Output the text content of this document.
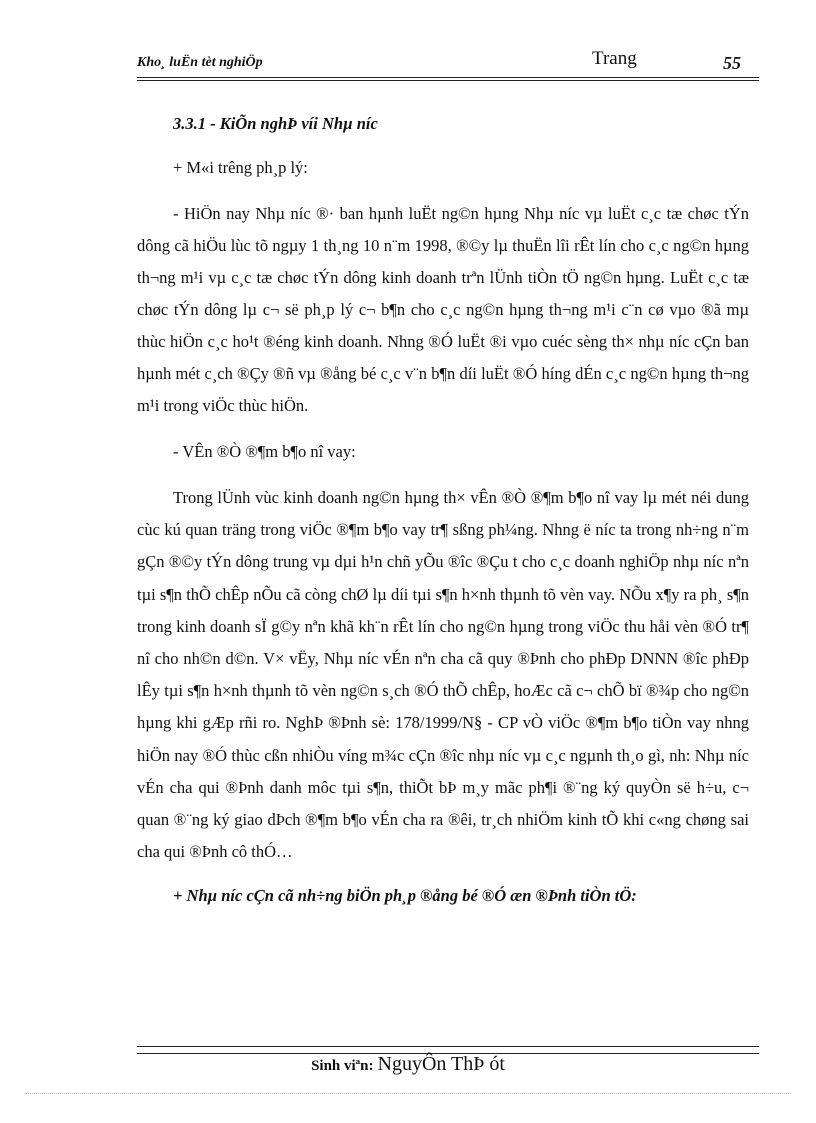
Kho¸ luËn tèt nghiÖp	Trang	55

3.3.1 - KiÕn nghÞ víi Nhµ níc

+ M«i trêng ph¸p lý:

- HiÖn nay Nhµ níc ®· ban hµnh luËt ng©n hµng Nhµ níc vµ luËt c¸c tæ chøc tÝn dông cã hiÖu lùc tõ ngµy 1 th¸ng 10 n¨m 1998, ®©y lµ thuËn lîi rÊt lín cho c¸c ng©n hµng th¬ng m¹i vµ c¸c tæ chøc tÝn dông kinh doanh trªn lÜnh tiÒn tÖ ng©n hµng. LuËt c¸c tæ chøc tÝn dông lµ c¬ së ph¸p lý c¬ b¶n cho c¸c ng©n hµng th¬ng m¹i c¨n cø vµo ®ã mµ thùc hiÖn c¸c ho¹t ®éng kinh doanh. Nhng ®Ó luËt ®i vµo cuéc sèng th× nhµ níc cÇn ban hµnh mét c¸ch ®Çy ®ñ vµ ®ång bé c¸c v¨n b¶n díi luËt ®Ó híng dÉn c¸c ng©n hµng th¬ng m¹i trong viÖc thùc hiÖn.

- VÊn ®Ò ®¶m b¶o nî vay:

Trong lÜnh vùc kinh doanh ng©n hµng th× vÊn ®Ò ®¶m b¶o nî vay lµ mét néi dung cùc kú quan träng trong viÖc ®¶m b¶o vay tr¶ sßng ph¼ng. Nhng ë níc ta trong nh÷ng n¨m gÇn ®©y tÝn dông trung vµ dµi h¹n chñ yÕu ®îc ®Çu t cho c¸c doanh nghiÖp nhµ níc nªn tµi s¶n thÕ chÊp nÕu cã còng chØ lµ díi tµi s¶n h×nh thµnh tõ vèn vay. NÕu x¶y ra ph¸ s¶n trong kinh doanh sÏ g©y nªn khã kh¨n rÊt lín cho ng©n hµng trong viÖc thu håi vèn ®Ó tr¶ nî cho nh©n d©n. V× vËy, Nhµ níc vÉn nªn cha cã quy ®Þnh cho phÐp DNNN ®îc phÐp lÊy tµi s¶n h×nh thµnh tõ vèn ng©n s¸ch ®Ó thÕ chÊp, hoÆc cã c¬ chÕ bï ®¾p cho ng©n hµng khi gÆp rñi ro. NghÞ ®Þnh sè: 178/1999/N§ - CP vÒ viÖc ®¶m b¶o tiÒn vay nhng hiÖn nay ®Ó thùc cßn nhiÒu víng m¾c cÇn ®îc nhµ níc vµ c¸c ngµnh th¸o gì, nh: Nhµ níc vÉn cha qui ®Þnh danh môc tµi s¶n, thiÕt bÞ m¸y mãc ph¶i ®¨ng ký quyÒn së h÷u, c¬ quan ®¨ng ký giao dÞch ®¶m b¶o vÉn cha ra ®êi, tr¸ch nhiÖm kinh tÕ khi c«ng chøng sai cha qui ®Þnh cô thÓ…

+ Nhµ níc cÇn cã nh÷ng biÖn ph¸p ®ång bé ®Ó æn ®Þnh tiÒn tÖ:

Sinh viªn: NguyÔn ThÞ ót
